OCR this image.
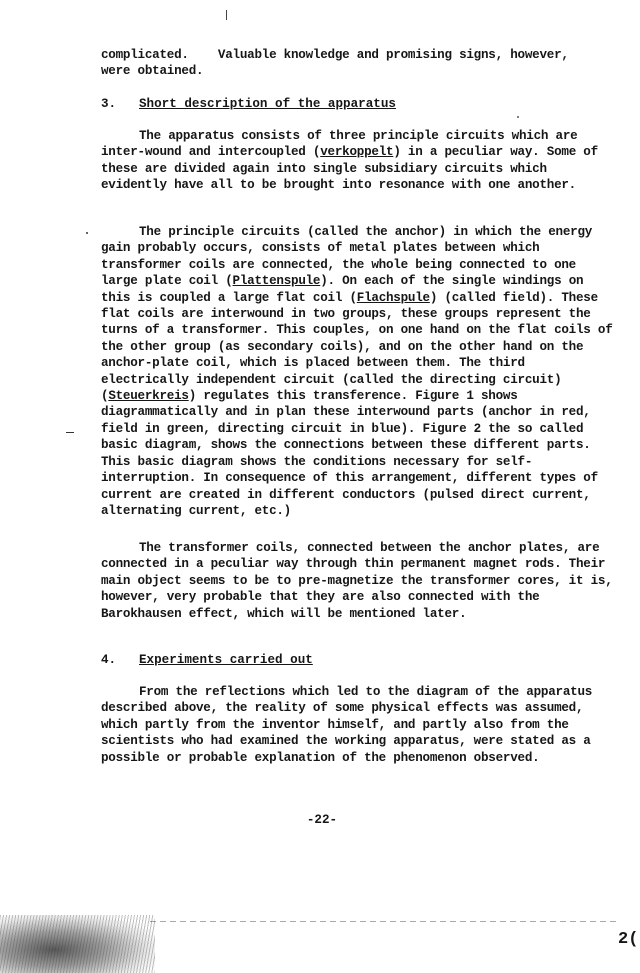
complicated.    Valuable knowledge and promising signs, however,
were obtained.

3. Short description of the apparatus

The apparatus consists of three principle circuits which are inter-wound and intercoupled (verkoppelt) in a peculiar way. Some of these are divided again into single subsidiary circuits which evidently have all to be brought into resonance with one another.

The principle circuits (called the anchor) in which the energy gain probably occurs, consists of metal plates between which transformer coils are connected, the whole being connected to one large plate coil (Plattenspule). On each of the single windings on this is coupled a large flat coil (Flachspule) (called field). These flat coils are interwound in two groups, these groups represent the turns of a transformer. This couples, on one hand on the flat coils of the other group (as secondary coils), and on the other hand on the anchor-plate coil, which is placed between them. The third electrically independent circuit (called the directing circuit) (Steuerkreis) regulates this transference. Figure 1 shows diagrammatically and in plan these interwound parts (anchor in red, field in green, directing circuit in blue). Figure 2 the so called basic diagram, shows the connections between these different parts. This basic diagram shows the conditions necessary for self-interruption. In consequence of this arrangement, different types of current are created in different conductors (pulsed direct current, alternating current, etc.)

The transformer coils, connected between the anchor plates, are connected in a peculiar way through thin permanent magnet rods. Their main object seems to be to pre-magnetize the transformer cores, it is, however, very probable that they are also connected with the Barokhausen effect, which will be mentioned later.

4. Experiments carried out

From the reflections which led to the diagram of the apparatus described above, the reality of some physical effects was assumed, which partly from the inventor himself, and partly also from the scientists who had examined the working apparatus, were stated as a possible or probable explanation of the phenomenon observed.

-22-
2(
